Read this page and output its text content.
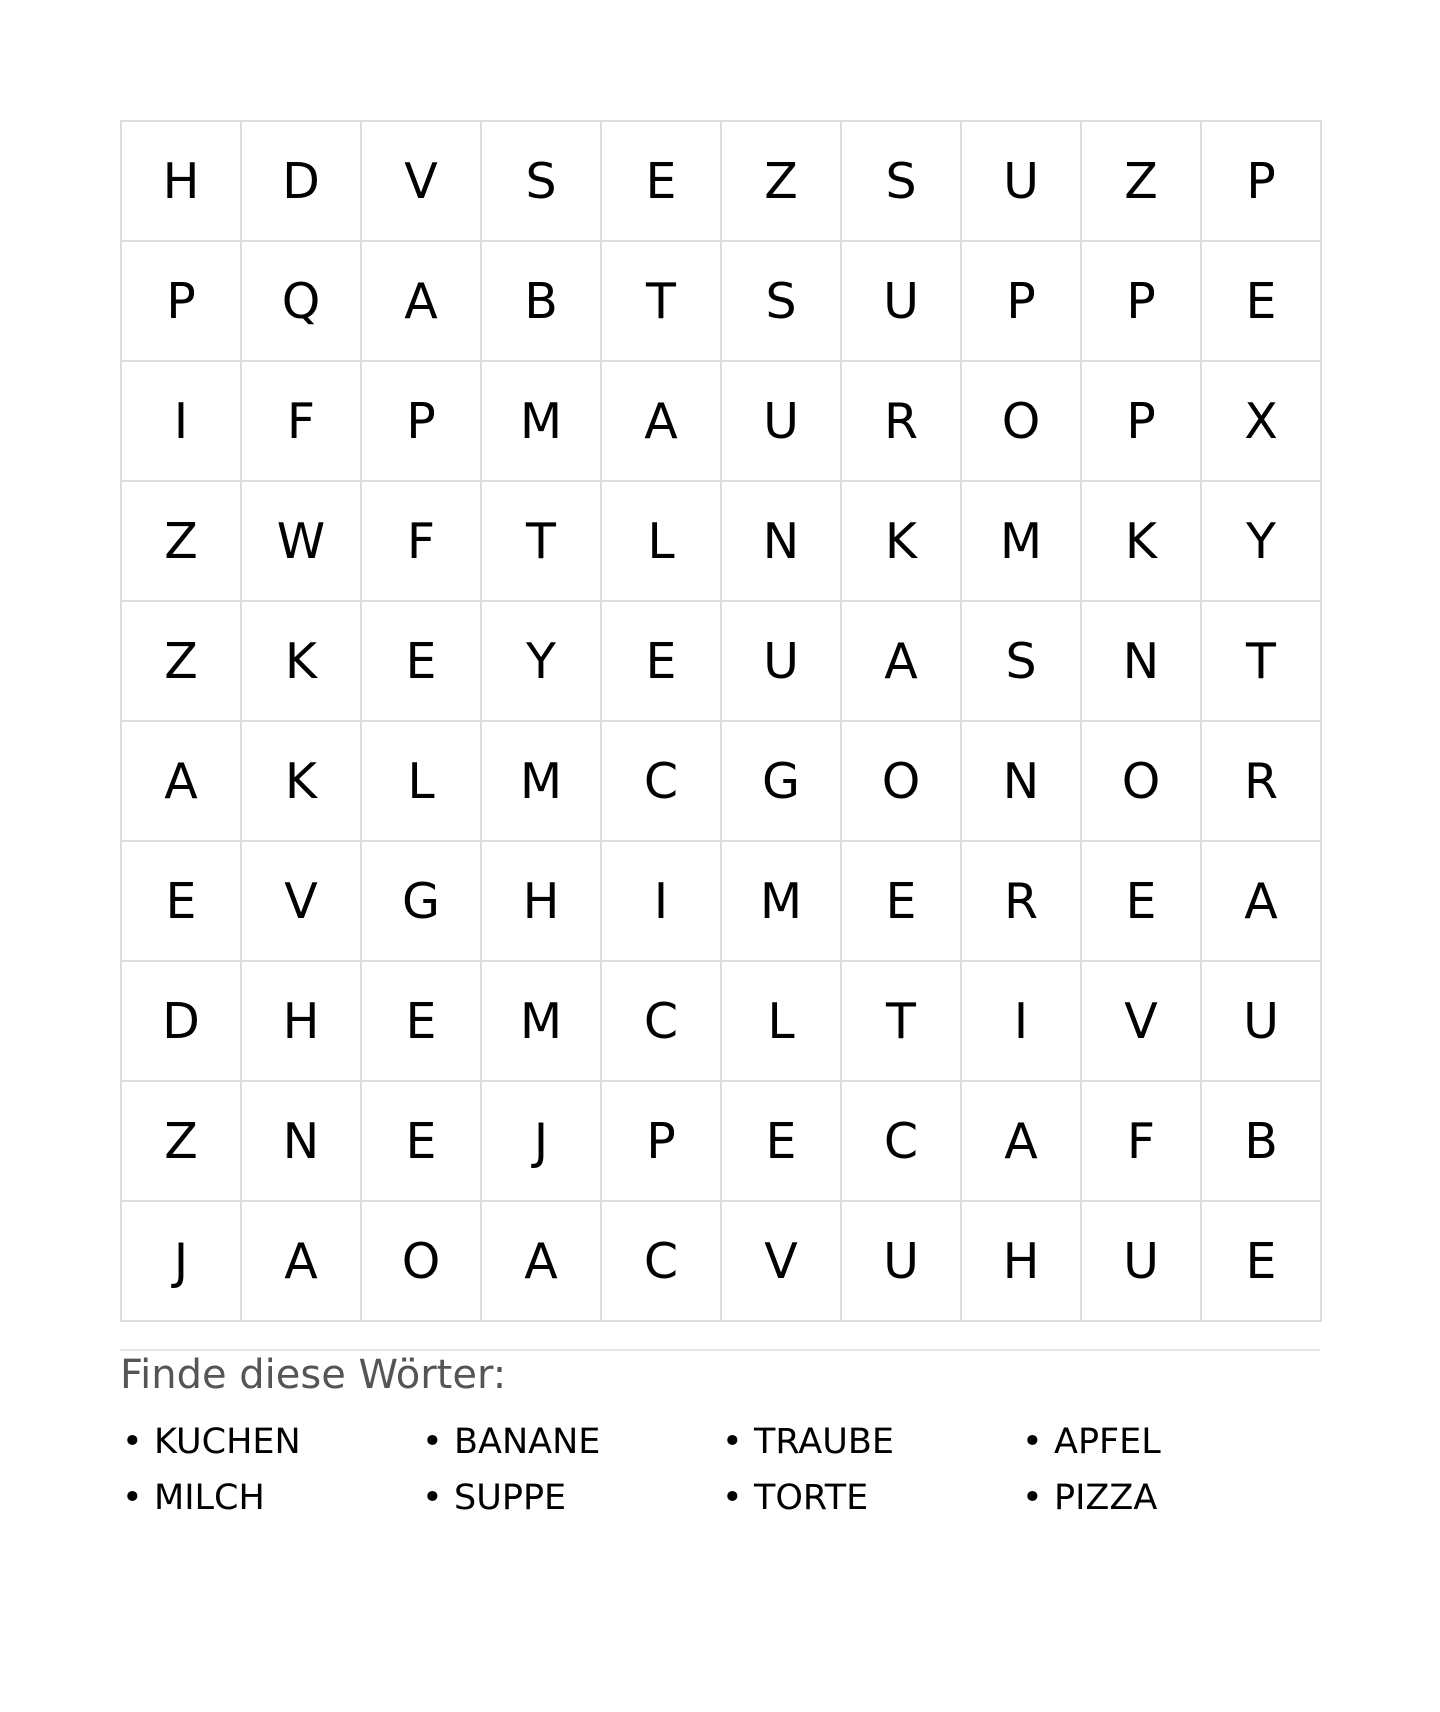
H	D	V	S	E	Z	S	U	Z	P
P	Q	A	B	T	S	U	P	P	E
I	F	P	M	A	U	R	O	P	X
Z	W	F	T	L	N	K	M	K	Y
Z	K	E	Y	E	U	A	S	N	T
A	K	L	M	C	G	O	N	O	R
E	V	G	H	I	M	E	R	E	A
D	H	E	M	C	L	T	I	V	U
Z	N	E	J	P	E	C	A	F	B
J	A	O	A	C	V	U	H	U	E
Finde diese Wörter:
• KUCHEN	• BANANE	• TRAUBE	• APFEL
• MILCH	• SUPPE	• TORTE	• PIZZA
